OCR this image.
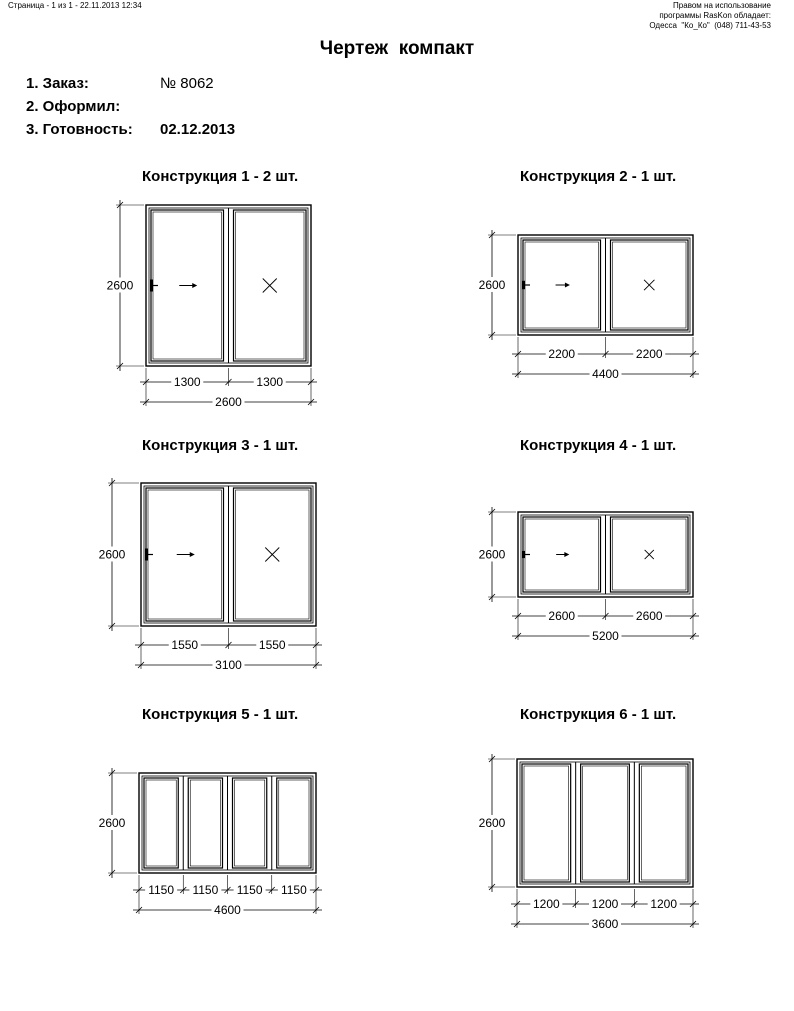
Страница - 1 из 1 - 22.11.2013 12:34	Правом на использование
программы RasKon обладает:
Одесса  "Ко_Ко"  (048) 711-43-53
Чертеж  компакт
1. Заказ:	№ 8062
2. Оформил:
3. Готовность: 02.12.2013
Конструкция 1 - 2 шт.	Конструкция 2 - 1 шт.
Конструкция 3 - 1 шт.	Конструкция 4 - 1 шт.
Конструкция 5 - 1 шт.	Конструкция 6 - 1 шт.
2600
1300	1300
2600
2600
2200	2200
4400
2600
1550	1550
3100
2600
2600	2600
5200
2600
1150 1150 1150 1150
4600
2600
1200	1200	1200
3600
